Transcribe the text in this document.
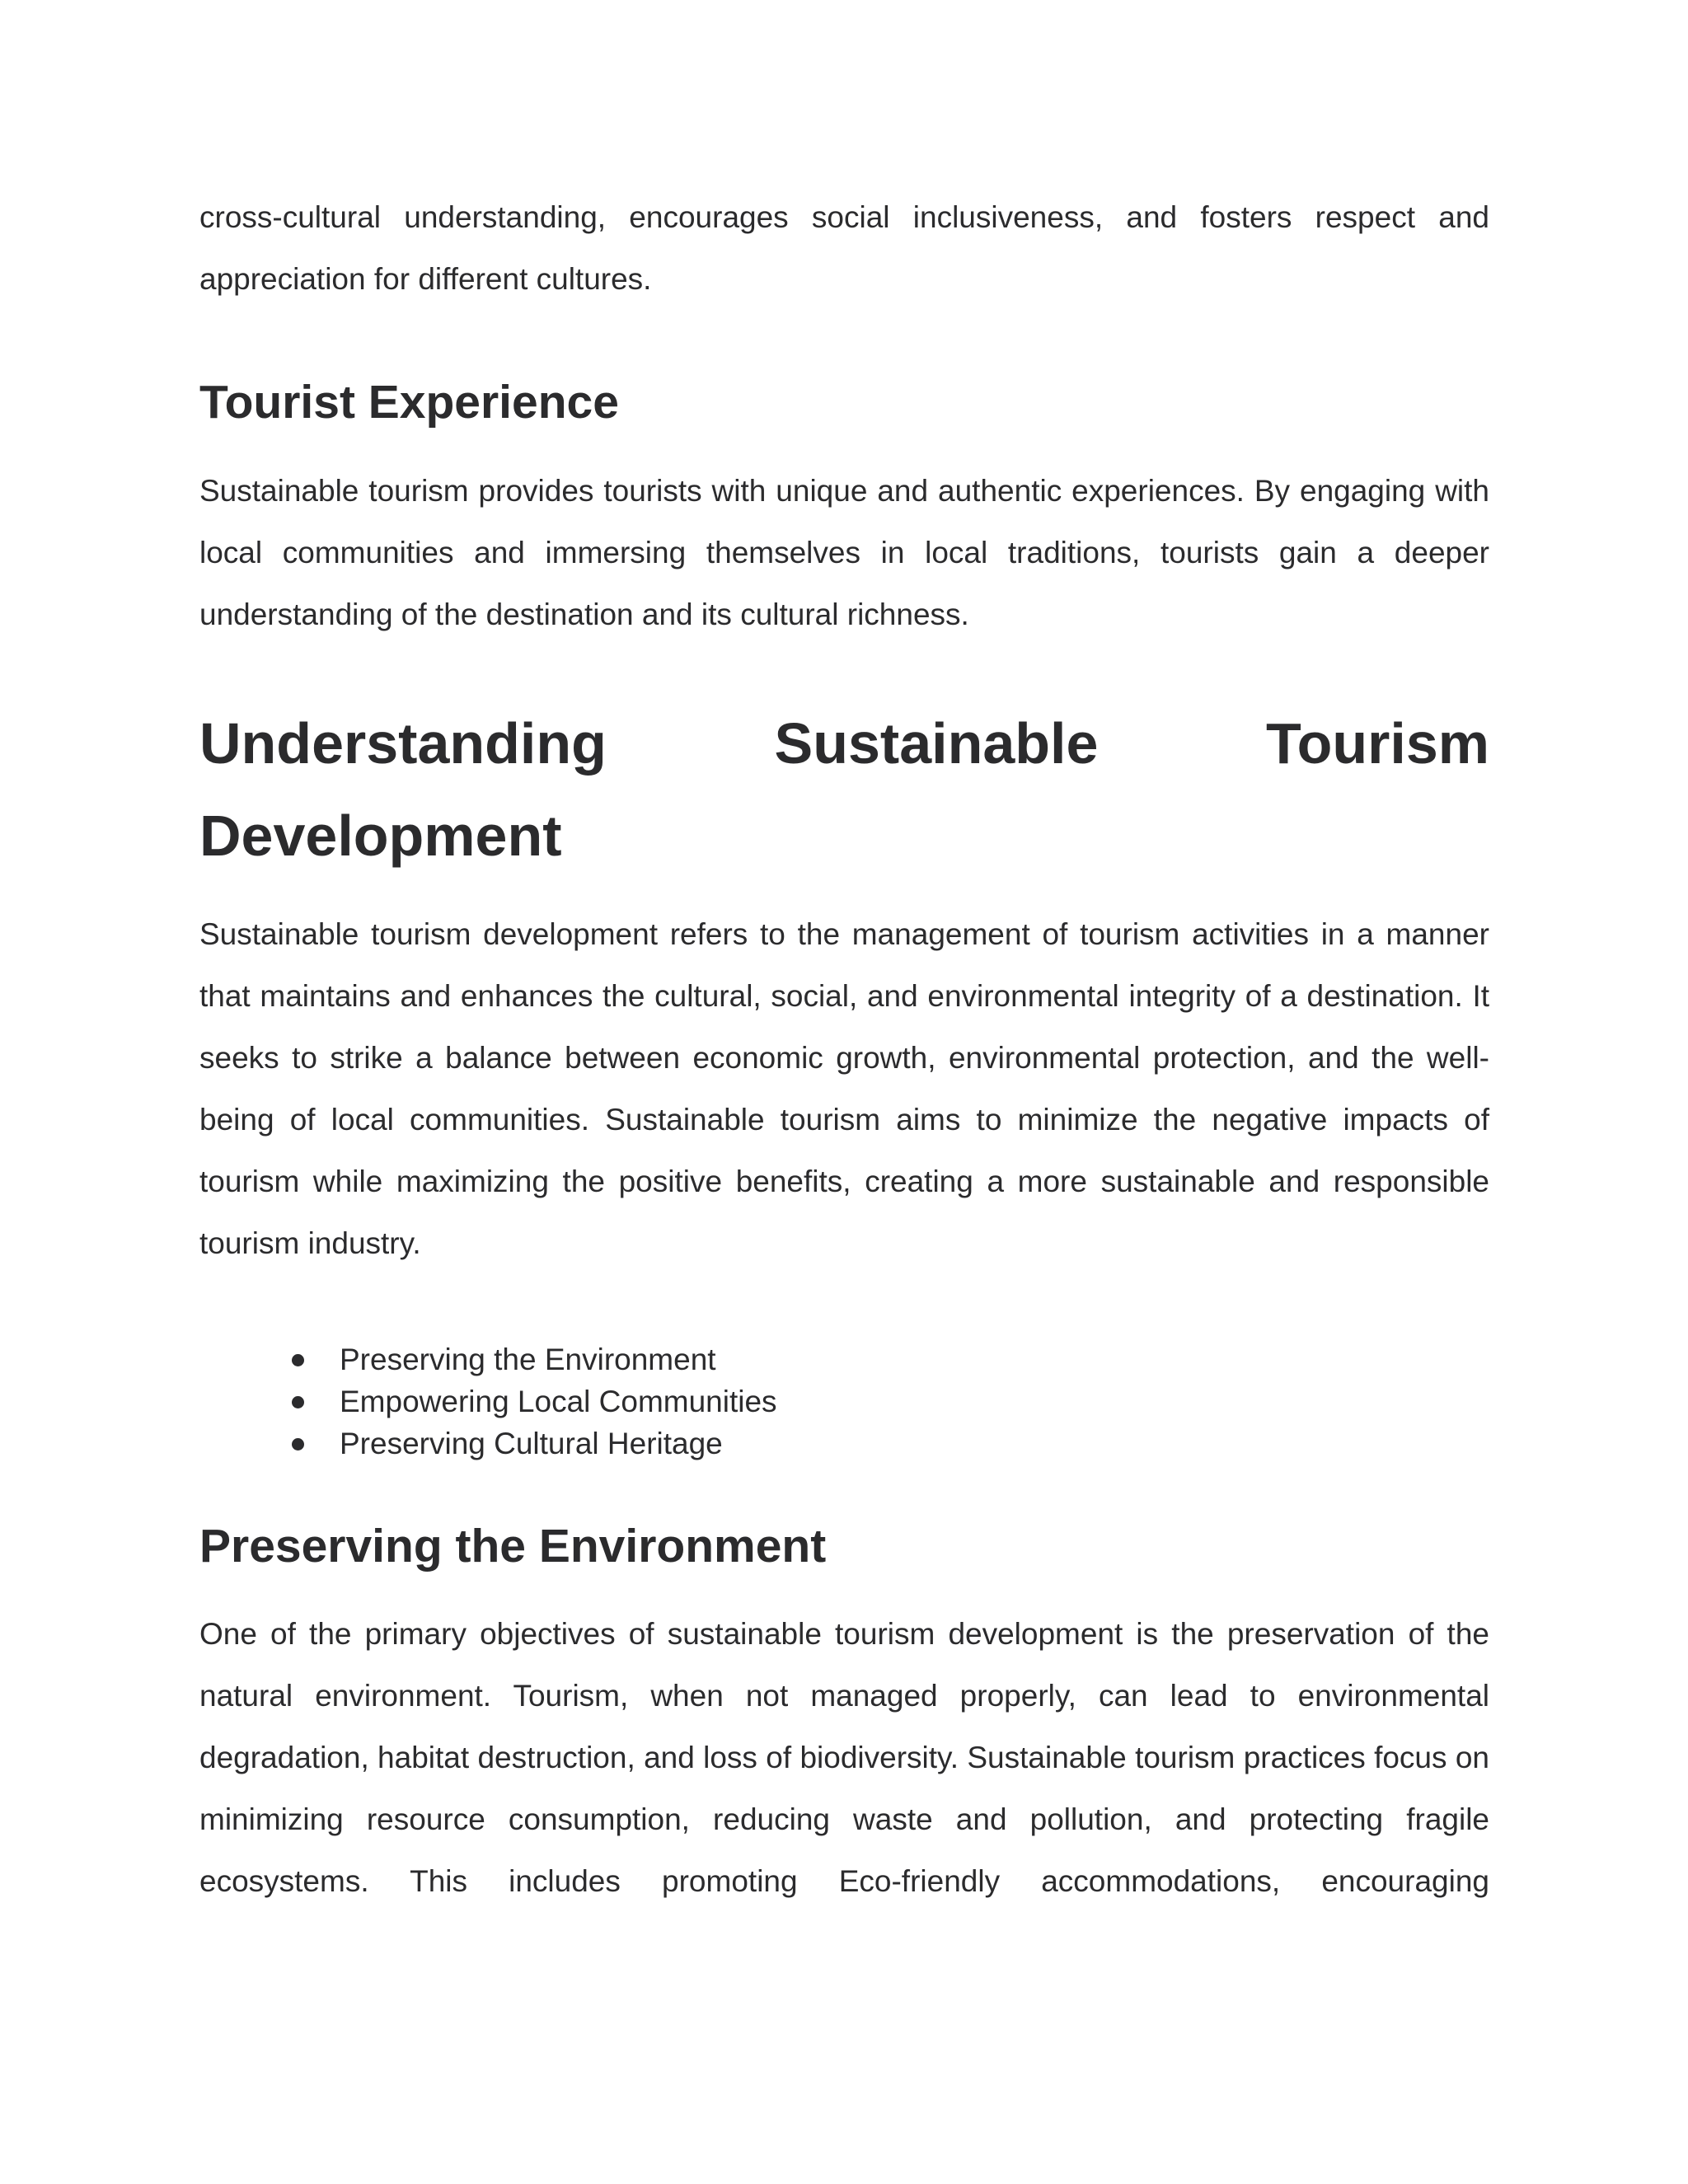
cross-cultural understanding, encourages social inclusiveness, and fosters respect and appreciation for different cultures.

Tourist Experience

Sustainable tourism provides tourists with unique and authentic experiences. By engaging with local communities and immersing themselves in local traditions, tourists gain a deeper understanding of the destination and its cultural richness.

Understanding Sustainable Tourism Development

Sustainable tourism development refers to the management of tourism activities in a manner that maintains and enhances the cultural, social, and environmental integrity of a destination. It seeks to strike a balance between economic growth, environmental protection, and the well-being of local communities. Sustainable tourism aims to minimize the negative impacts of tourism while maximizing the positive benefits, creating a more sustainable and responsible tourism industry.

Preserving the Environment
Empowering Local Communities
Preserving Cultural Heritage
Preserving the Environment

One of the primary objectives of sustainable tourism development is the preservation of the natural environment. Tourism, when not managed properly, can lead to environmental degradation, habitat destruction, and loss of biodiversity. Sustainable tourism practices focus on minimizing resource consumption, reducing waste and pollution, and protecting fragile ecosystems. This includes promoting Eco-friendly accommodations, encouraging
